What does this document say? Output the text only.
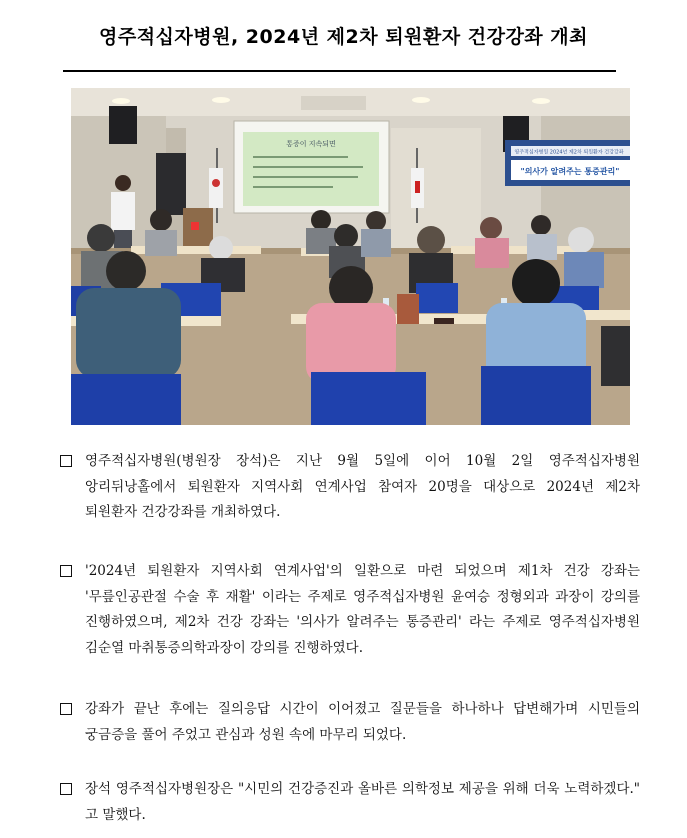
영주적십자병원, 2024년 제2차 퇴원환자 건강강좌 개최
통증이 지속되면
영주적십자병원 2024년 제2차 퇴원환자 건강강좌
"의사가 알려주는 통증관리"
영주적십자병원(병원장 장석)은 지난 9월 5일에 이어 10월 2일 영주적십자병원 앙리뒤낭홀에서 퇴원환자 지역사회 연계사업 참여자 20명을 대상으로 2024년 제2차 퇴원환자 건강강좌를 개최하였다.
'2024년 퇴원환자 지역사회 연계사업'의 일환으로 마련 되었으며 제1차 건강 강좌는 '무릎인공관절 수술 후 재활' 이라는 주제로 영주적십자병원 윤여승 정형외과 과장이 강의를 진행하였으며, 제2차 건강 강좌는 '의사가 알려주는 통증관리' 라는 주제로 영주적십자병원 김순열 마취통증의학과장이 강의를 진행하였다.
강좌가 끝난 후에는 질의응답 시간이 이어졌고 질문들을 하나하나 답변해가며 시민들의 궁금증을 풀어 주었고 관심과 성원 속에 마무리 되었다.
장석 영주적십자병원장은 "시민의 건강증진과 올바른 의학정보 제공을 위해 더욱 노력하겠다." 고 말했다.
